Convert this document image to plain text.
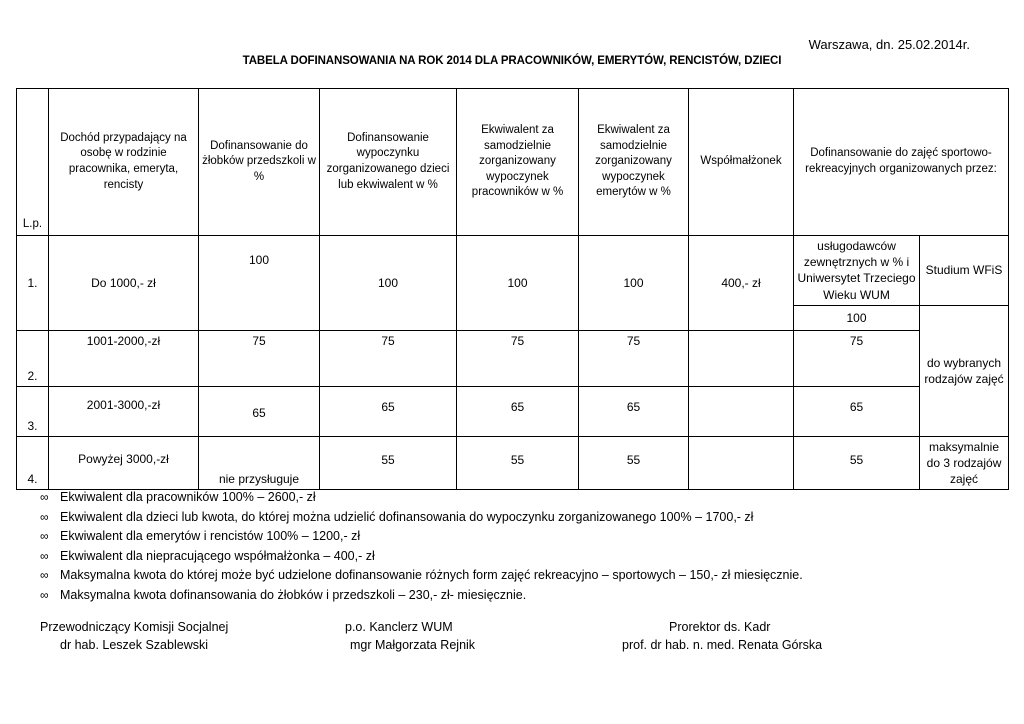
Warszawa, dn. 25.02.2014r.
TABELA DOFINANSOWANIA NA ROK 2014 DLA PRACOWNIKÓW, EMERYTÓW, RENCISTÓW, DZIECI
L.p.	Dochód przypadający na osobę w rodzinie pracownika, emeryta, rencisty	Dofinansowanie do żłobków przedszkoli w %	Dofinansowanie wypoczynku zorganizowanego dzieci lub ekwiwalent w %	Ekwiwalent za samodzielnie zorganizowany wypoczynek pracowników w %	Ekwiwalent za samodzielnie zorganizowany wypoczynek emerytów w %	Współmałżonek	Dofinansowanie do zajęć sportowo-rekreacyjnych organizowanych przez:	
1.	Do 1000,- zł	100	100	100	100	400,- zł	usługodawców zewnętrznych w % i Uniwersytet Trzeciego Wieku WUM	Studium WFiS
							100	do wybranych rodzajów zajęć
2.	1001-2000,-zł	75	75	75	75		75	
3.	2001-3000,-zł	65	65	65	65		65	
4.	Powyżej 3000,-zł	nie przysługuje	55	55	55		55	maksymalnie do 3 rodzajów zajęć
∞ Ekwiwalent dla pracowników 100% – 2600,- zł
∞ Ekwiwalent dla dzieci lub kwota, do której można udzielić dofinansowania do wypoczynku zorganizowanego 100% – 1700,- zł
∞ Ekwiwalent dla emerytów i rencistów 100% – 1200,- zł
∞ Ekwiwalent dla niepracującego współmałżonka – 400,- zł
∞ Maksymalna kwota do której może być udzielone dofinansowanie różnych form zajęć rekreacyjno – sportowych – 150,- zł miesięcznie.
∞ Maksymalna kwota dofinansowania do żłobków i przedszkoli – 230,- zł- miesięcznie.
Przewodniczący Komisji Socjalnej
dr hab. Leszek Szablewski
p.o. Kanclerz WUM
mgr Małgorzata Rejnik
Prorektor ds. Kadr
prof. dr hab. n. med. Renata Górska
